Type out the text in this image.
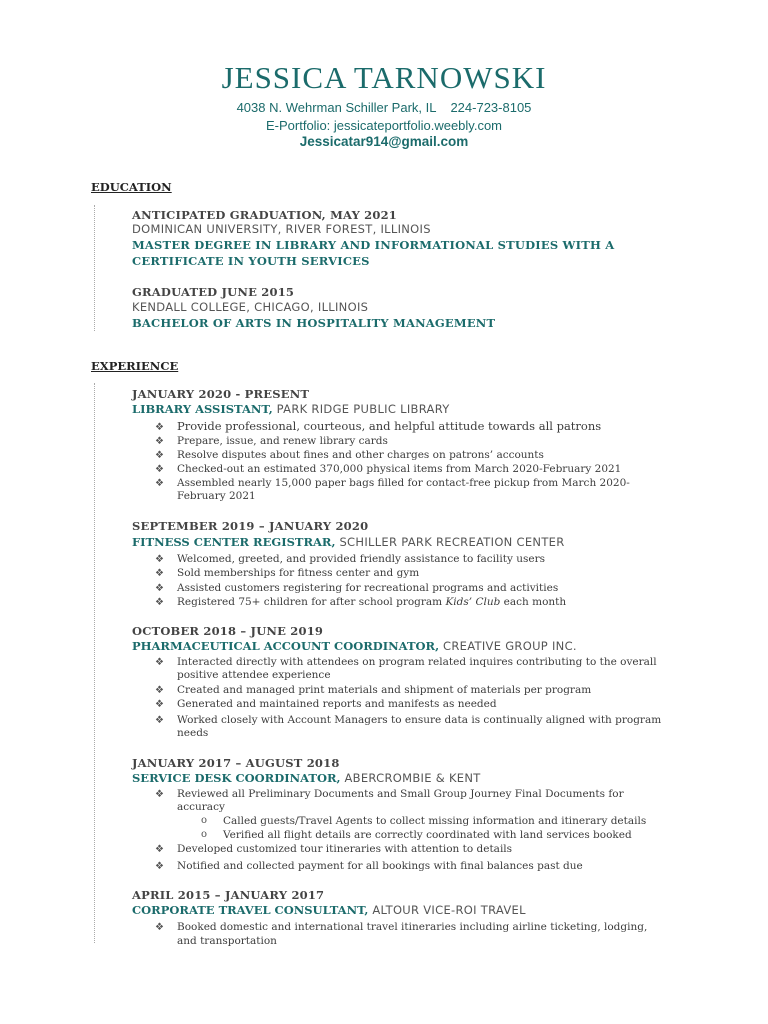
JESSICA TARNOWSKI
4038 N. Wehrman Schiller Park, IL    224-723-8105
E-Portfolio: jessicateportfolio.weebly.com
Jessicatar914@gmail.com
EDUCATION
ANTICIPATED GRADUATION, MAY 2021
DOMINICAN UNIVERSITY, RIVER FOREST, ILLINOIS
MASTER DEGREE IN LIBRARY AND INFORMATIONAL STUDIES WITH A
CERTIFICATE IN YOUTH SERVICES
GRADUATED JUNE 2015
KENDALL COLLEGE, CHICAGO, ILLINOIS
BACHELOR OF ARTS IN HOSPITALITY MANAGEMENT
EXPERIENCE
JANUARY 2020 - PRESENT
LIBRARY ASSISTANT, PARK RIDGE PUBLIC LIBRARY
❖ Provide professional, courteous, and helpful attitude towards all patrons
❖ Prepare, issue, and renew library cards
❖ Resolve disputes about fines and other charges on patrons’ accounts
❖ Checked-out an estimated 370,000 physical items from March 2020-February 2021
❖ Assembled nearly 15,000 paper bags filled for contact-free pickup from March 2020-
February 2021
SEPTEMBER 2019 – JANUARY 2020
FITNESS CENTER REGISTRAR, SCHILLER PARK RECREATION CENTER
❖ Welcomed, greeted, and provided friendly assistance to facility users
❖ Sold memberships for fitness center and gym
❖ Assisted customers registering for recreational programs and activities
❖ Registered 75+ children for after school program Kids’ Club each month
OCTOBER 2018 – JUNE 2019
PHARMACEUTICAL ACCOUNT COORDINATOR, CREATIVE GROUP INC.
❖ Interacted directly with attendees on program related inquires contributing to the overall
positive attendee experience
❖ Created and managed print materials and shipment of materials per program
❖ Generated and maintained reports and manifests as needed
❖ Worked closely with Account Managers to ensure data is continually aligned with program
needs
JANUARY 2017 – AUGUST 2018
SERVICE DESK COORDINATOR, ABERCROMBIE & KENT
❖ Reviewed all Preliminary Documents and Small Group Journey Final Documents for
accuracy
o Called guests/Travel Agents to collect missing information and itinerary details
o Verified all flight details are correctly coordinated with land services booked
❖ Developed customized tour itineraries with attention to details
❖ Notified and collected payment for all bookings with final balances past due
APRIL 2015 – JANUARY 2017
CORPORATE TRAVEL CONSULTANT, ALTOUR VICE-ROI TRAVEL
❖ Booked domestic and international travel itineraries including airline ticketing, lodging,
and transportation
